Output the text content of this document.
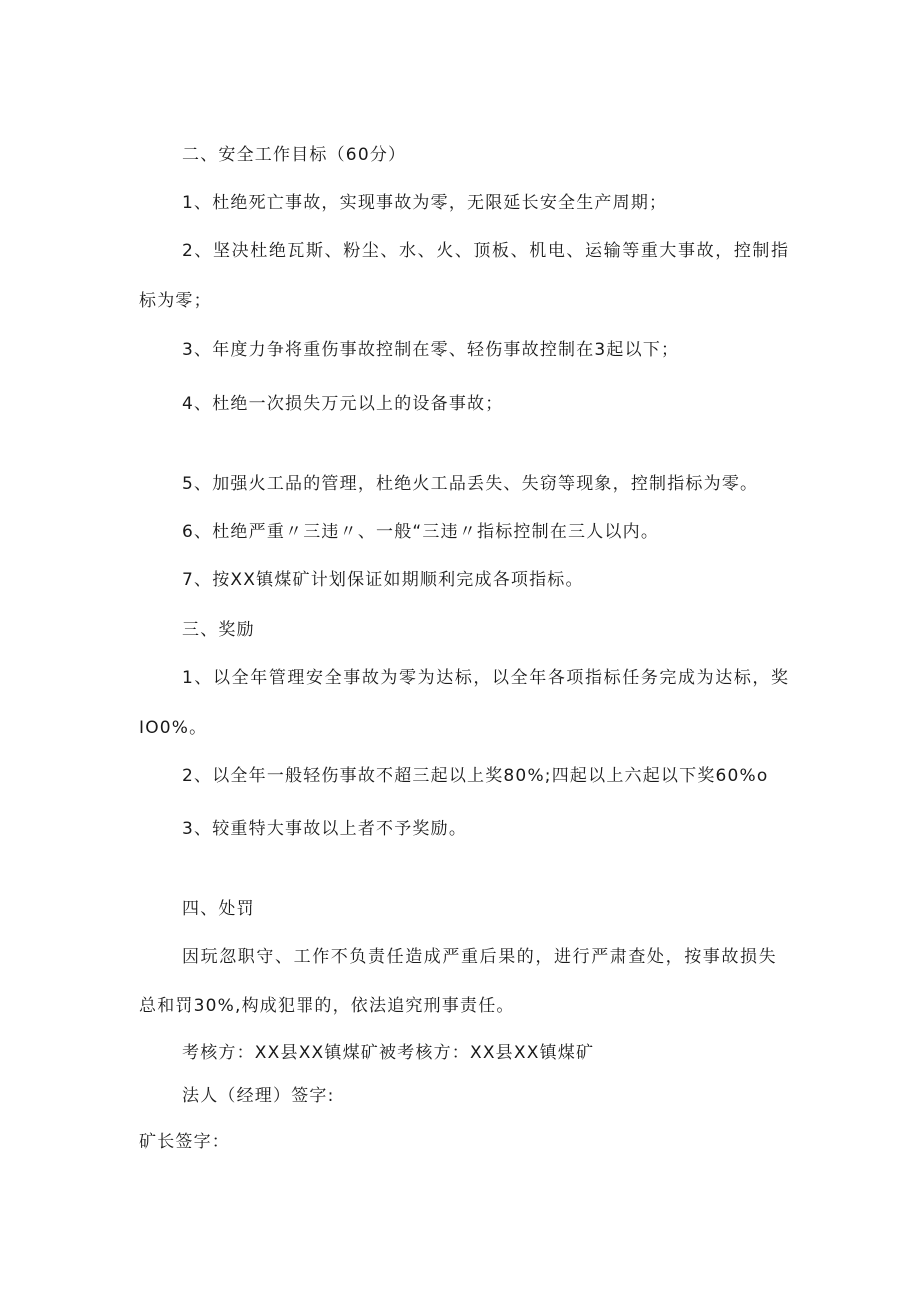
二、安全工作目标（60分）
1、杜绝死亡事故，实现事故为零，无限延长安全生产周期；
2、坚决杜绝瓦斯、粉尘、水、火、顶板、机电、运输等重大事故，控制指
标为零；
3、年度力争将重伤事故控制在零、轻伤事故控制在3起以下；
4、杜绝一次损失万元以上的设备事故；
5、加强火工品的管理，杜绝火工品丢失、失窃等现象，控制指标为零。
6、杜绝严重〃三违〃、一般“三违〃指标控制在三人以内。
7、按XX镇煤矿计划保证如期顺利完成各项指标。
三、奖励
1、以全年管理安全事故为零为达标，以全年各项指标任务完成为达标，奖
IO0%。
2、以全年一般轻伤事故不超三起以上奖80%;四起以上六起以下奖60%o
3、较重特大事故以上者不予奖励。
四、处罚
因玩忽职守、工作不负责任造成严重后果的，进行严肃查处，按事故损失
总和罚30%,构成犯罪的，依法追究刑事责任。
考核方：XX县XX镇煤矿被考核方：XX县XX镇煤矿
法人（经理）签字:
矿长签字：
